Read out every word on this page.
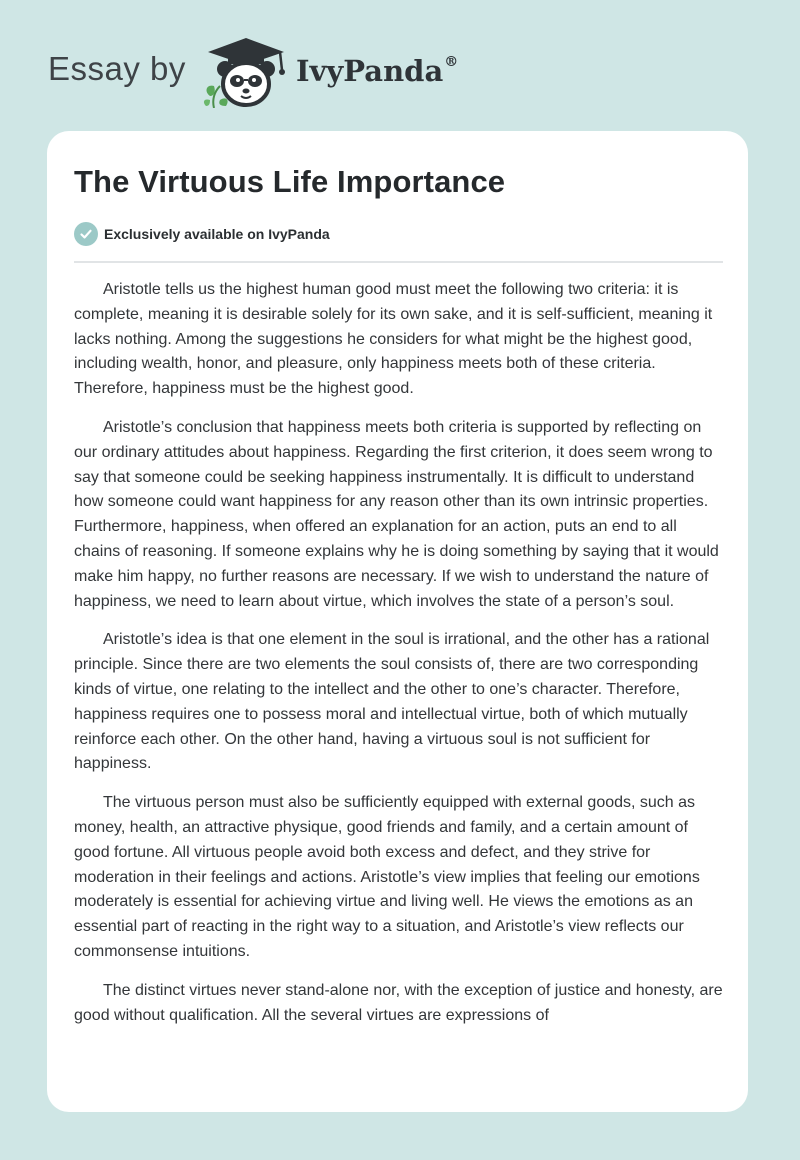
Essay by	IvyPanda®
The Virtuous Life Importance
Exclusively available on IvyPanda

Aristotle tells us the highest human good must meet the following two criteria: it is complete, meaning it is desirable solely for its own sake, and it is self-sufficient, meaning it lacks nothing. Among the suggestions he considers for what might be the highest good, including wealth, honor, and pleasure, only happiness meets both of these criteria. Therefore, happiness must be the highest good.

Aristotle’s conclusion that happiness meets both criteria is supported by reflecting on our ordinary attitudes about happiness. Regarding the first criterion, it does seem wrong to say that someone could be seeking happiness instrumentally. It is difficult to understand how someone could want happiness for any reason other than its own intrinsic properties. Furthermore, happiness, when offered an explanation for an action, puts an end to all chains of reasoning. If someone explains why he is doing something by saying that it would make him happy, no further reasons are necessary. If we wish to understand the nature of happiness, we need to learn about virtue, which involves the state of a person’s soul.

Aristotle’s idea is that one element in the soul is irrational, and the other has a rational principle. Since there are two elements the soul consists of, there are two corresponding kinds of virtue, one relating to the intellect and the other to one’s character. Therefore, happiness requires one to possess moral and intellectual virtue, both of which mutually reinforce each other. On the other hand, having a virtuous soul is not sufficient for happiness.

The virtuous person must also be sufficiently equipped with external goods, such as money, health, an attractive physique, good friends and family, and a certain amount of good fortune. All virtuous people avoid both excess and defect, and they strive for moderation in their feelings and actions. Aristotle’s view implies that feeling our emotions moderately is essential for achieving virtue and living well. He views the emotions as an essential part of reacting in the right way to a situation, and Aristotle’s view reflects our commonsense intuitions.

The distinct virtues never stand-alone nor, with the exception of justice and honesty, are good without qualification. All the several virtues are expressions of
